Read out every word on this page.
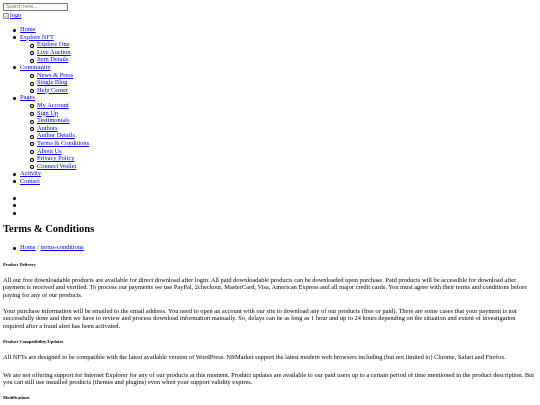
Search here...
logo
Home
Explore NFT
Explore One
Live Auction
Item Details
Community
News & Press
Single Blog
Help Center
Pages
My Account
Sign Up
Testimonials
Authors
Author Details
Terms & Conditions
About Us
Privacy Policy
Connect Wallet
Activity
Contact
Terms & Conditions
Home / terms-conditions
Product Delivery

All our free downloadable products are available for direct download after login. All paid downloadable products can be downloaded upon purchase. Paid products will be accessible for download after payment is received and verified. To process our payments we use PayPal, 2checkout, MasterCard, Visa, American Express and all major credit cards. You must agree with their terms and conditions before paying for any of our products.

Your purchase information will be emailed to the email address. You need to open an account with our site to download any of our products (free or paid). There are some cases that your payment is not successfully done and then we have to review and process download information manually. So, delays can be as long as 1 hour and up to 24 hours depending on the situation and extent of investigation required after a fraud alert has been activated.

Product Compatibility/Updates

All NFTs are designed to be compatible with the latest available version of WordPress. NftMarket support the latest modern web browsers including (but not limited to) Chrome, Safari and Firefox.

We are not offering support for Internet Explorer for any of our products at this moment. Product updates are available to our paid users up to a certain period of time mentioned in the product description. But you can still use installed products (themes and plugins) even when your support validity expires.

Modifications
